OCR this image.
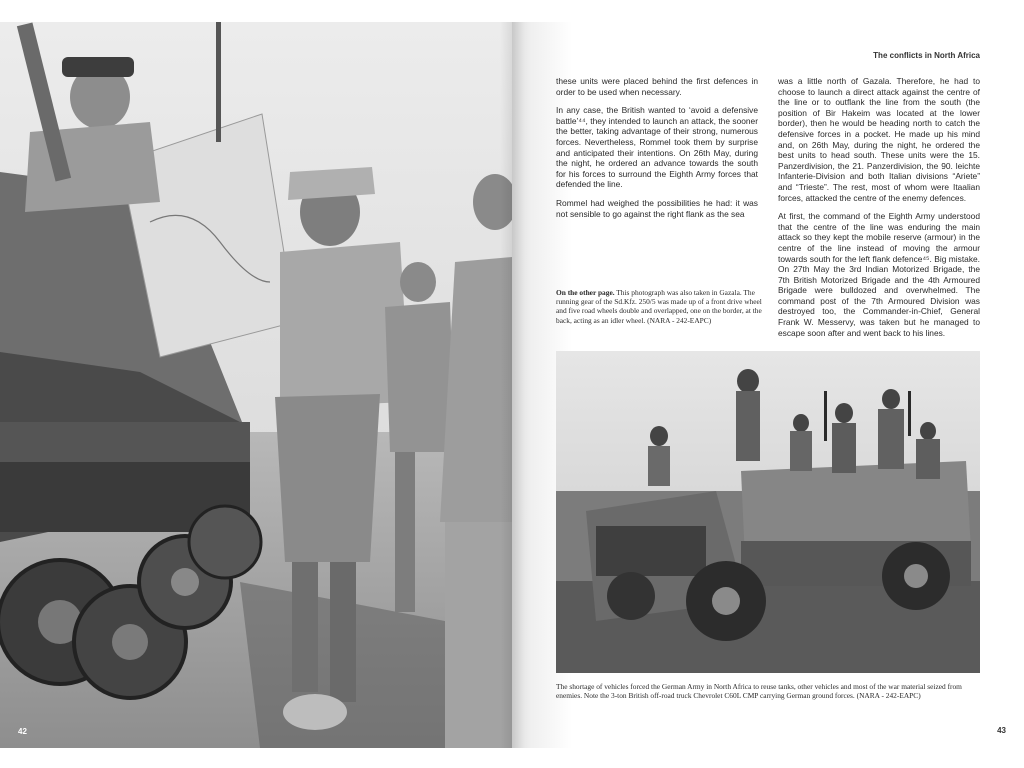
42
The conflicts in North Africa

these units were placed behind the first defences in order to be used when necessary.

In any case, the British wanted to ‘avoid a defensive battle’⁴⁴, they intended to launch an attack, the sooner the better, taking advantage of their strong, numerous forces. Nevertheless, Rommel took them by surprise and anticipated their intentions. On 26th May, during the night, he ordered an advance towards the south for his forces to surround the Eighth Army forces that defended the line.

Rommel had weighed the possibilities he had: it was not sensible to go against the right flank as the sea

was a little north of Gazala. Therefore, he had to choose to launch a direct attack against the centre of the line or to outflank the line from the south (the position of Bir Hakeim was located at the lower border), then he would be heading north to catch the defensive forces in a pocket. He made up his mind and, on 26th May, during the night, he ordered the best units to head south. These units were the 15. Panzerdivision, the 21. Panzerdivision, the 90. leichte Infanterie-Division and both Italian divisions “Ariete” and “Trieste”. The rest, most of whom were Itaalian forces, attacked the centre of the enemy defences.

At first, the command of the Eighth Army understood that the centre of the line was enduring the main attack so they kept the mobile reserve (armour) in the centre of the line instead of moving the armour towards south for the left flank defence⁴⁵. Big mistake. On 27th May the 3rd Indian Motorized Brigade, the 7th British Motorized Brigade and the 4th Armoured Brigade were bulldozed and overwhelmed. The command post of the 7th Armoured Division was destroyed too, the Commander-in-Chief, General Frank W. Messervy, was taken but he managed to escape soon after and went back to his lines.

On the other page. This photograph was also taken in Gazala. The running gear of the Sd.Kfz. 250/5 was made up of a front drive wheel and five road wheels double and overlapped, one on the border, at the back, acting as an idler wheel. (NARA - 242-EAPC)
The shortage of vehicles forced the German Army in North Africa to reuse tanks, other vehicles and most of the war material seized from enemies. Note the 3-ton British off-road truck Chevrolet C60L CMP carrying German ground forces. (NARA - 242-EAPC)
43
